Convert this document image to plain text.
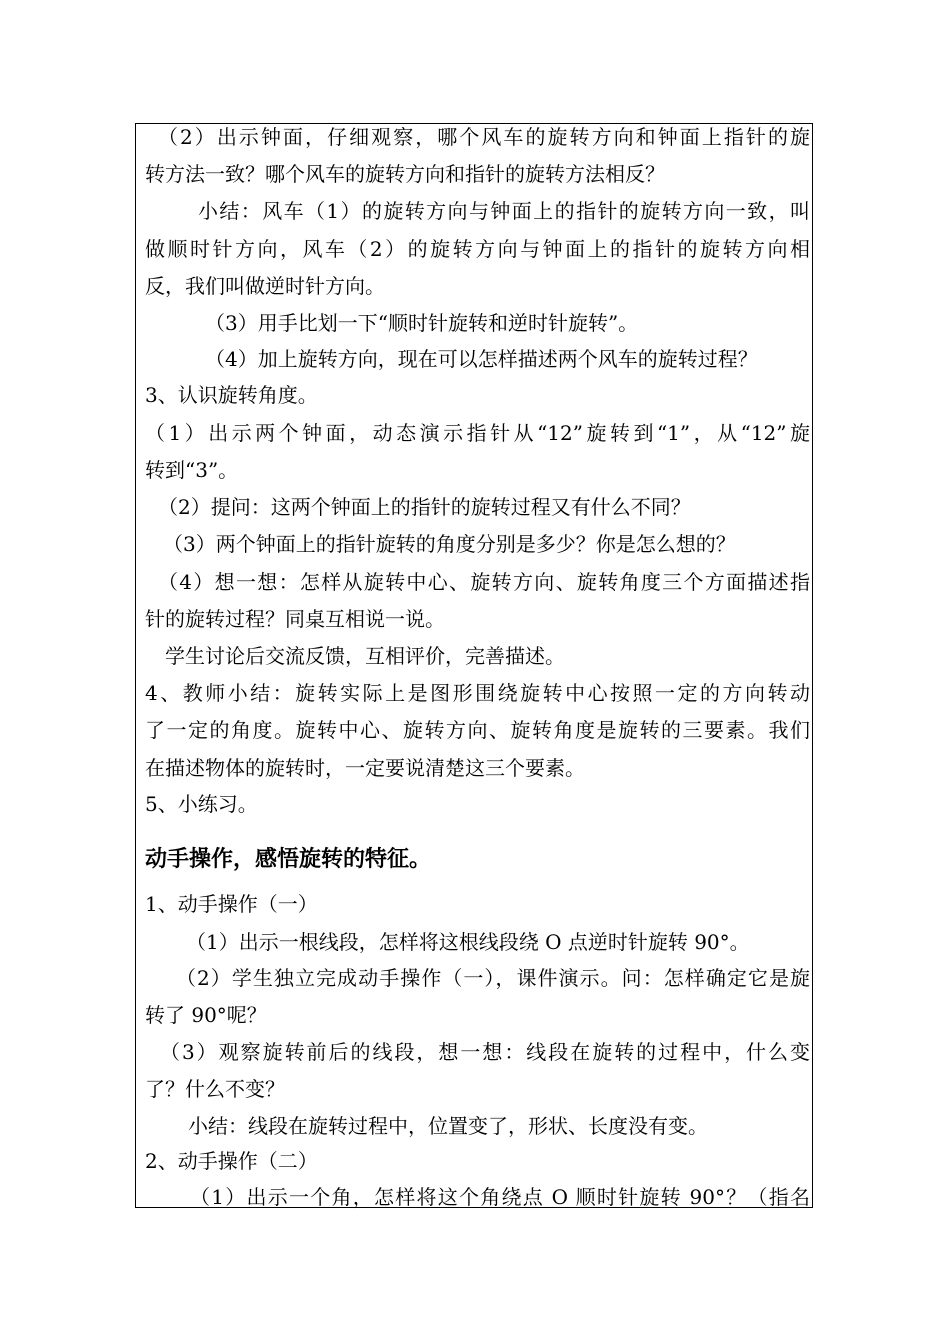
（2）出示钟面，仔细观察，哪个风车的旋转方向和钟面上指针的旋
转方法一致？哪个风车的旋转方向和指针的旋转方法相反？
小结：风车（1）的旋转方向与钟面上的指针的旋转方向一致，叫
做顺时针方向，风车（2）的旋转方向与钟面上的指针的旋转方向相
反，我们叫做逆时针方向。
（3）用手比划一下“顺时针旋转和逆时针旋转”。
（4）加上旋转方向，现在可以怎样描述两个风车的旋转过程？
3、认识旋转角度。
（1）出示两个钟面，动态演示指针从“12”旋转到“1”，从“12”旋
转到“3”。
（2）提问：这两个钟面上的指针的旋转过程又有什么不同？
（3）两个钟面上的指针旋转的角度分别是多少？你是怎么想的？
（4）想一想：怎样从旋转中心、旋转方向、旋转角度三个方面描述指
针的旋转过程？同桌互相说一说。
学生讨论后交流反馈，互相评价，完善描述。
4、教师小结：旋转实际上是图形围绕旋转中心按照一定的方向转动
了一定的角度。旋转中心、旋转方向、旋转角度是旋转的三要素。我们
在描述物体的旋转时，一定要说清楚这三个要素。
5、小练习。
动手操作，感悟旋转的特征。
1、动手操作（一）
（1）出示一根线段，怎样将这根线段绕 O 点逆时针旋转 90°。
（2）学生独立完成动手操作（一），课件演示。问：怎样确定它是旋
转了 90°呢？
（3）观察旋转前后的线段，想一想：线段在旋转的过程中，什么变
了？什么不变？
小结：线段在旋转过程中，位置变了，形状、长度没有变。
2、动手操作（二）
（1）出示一个角，怎样将这个角绕点 O 顺时针旋转 90°？（指名
